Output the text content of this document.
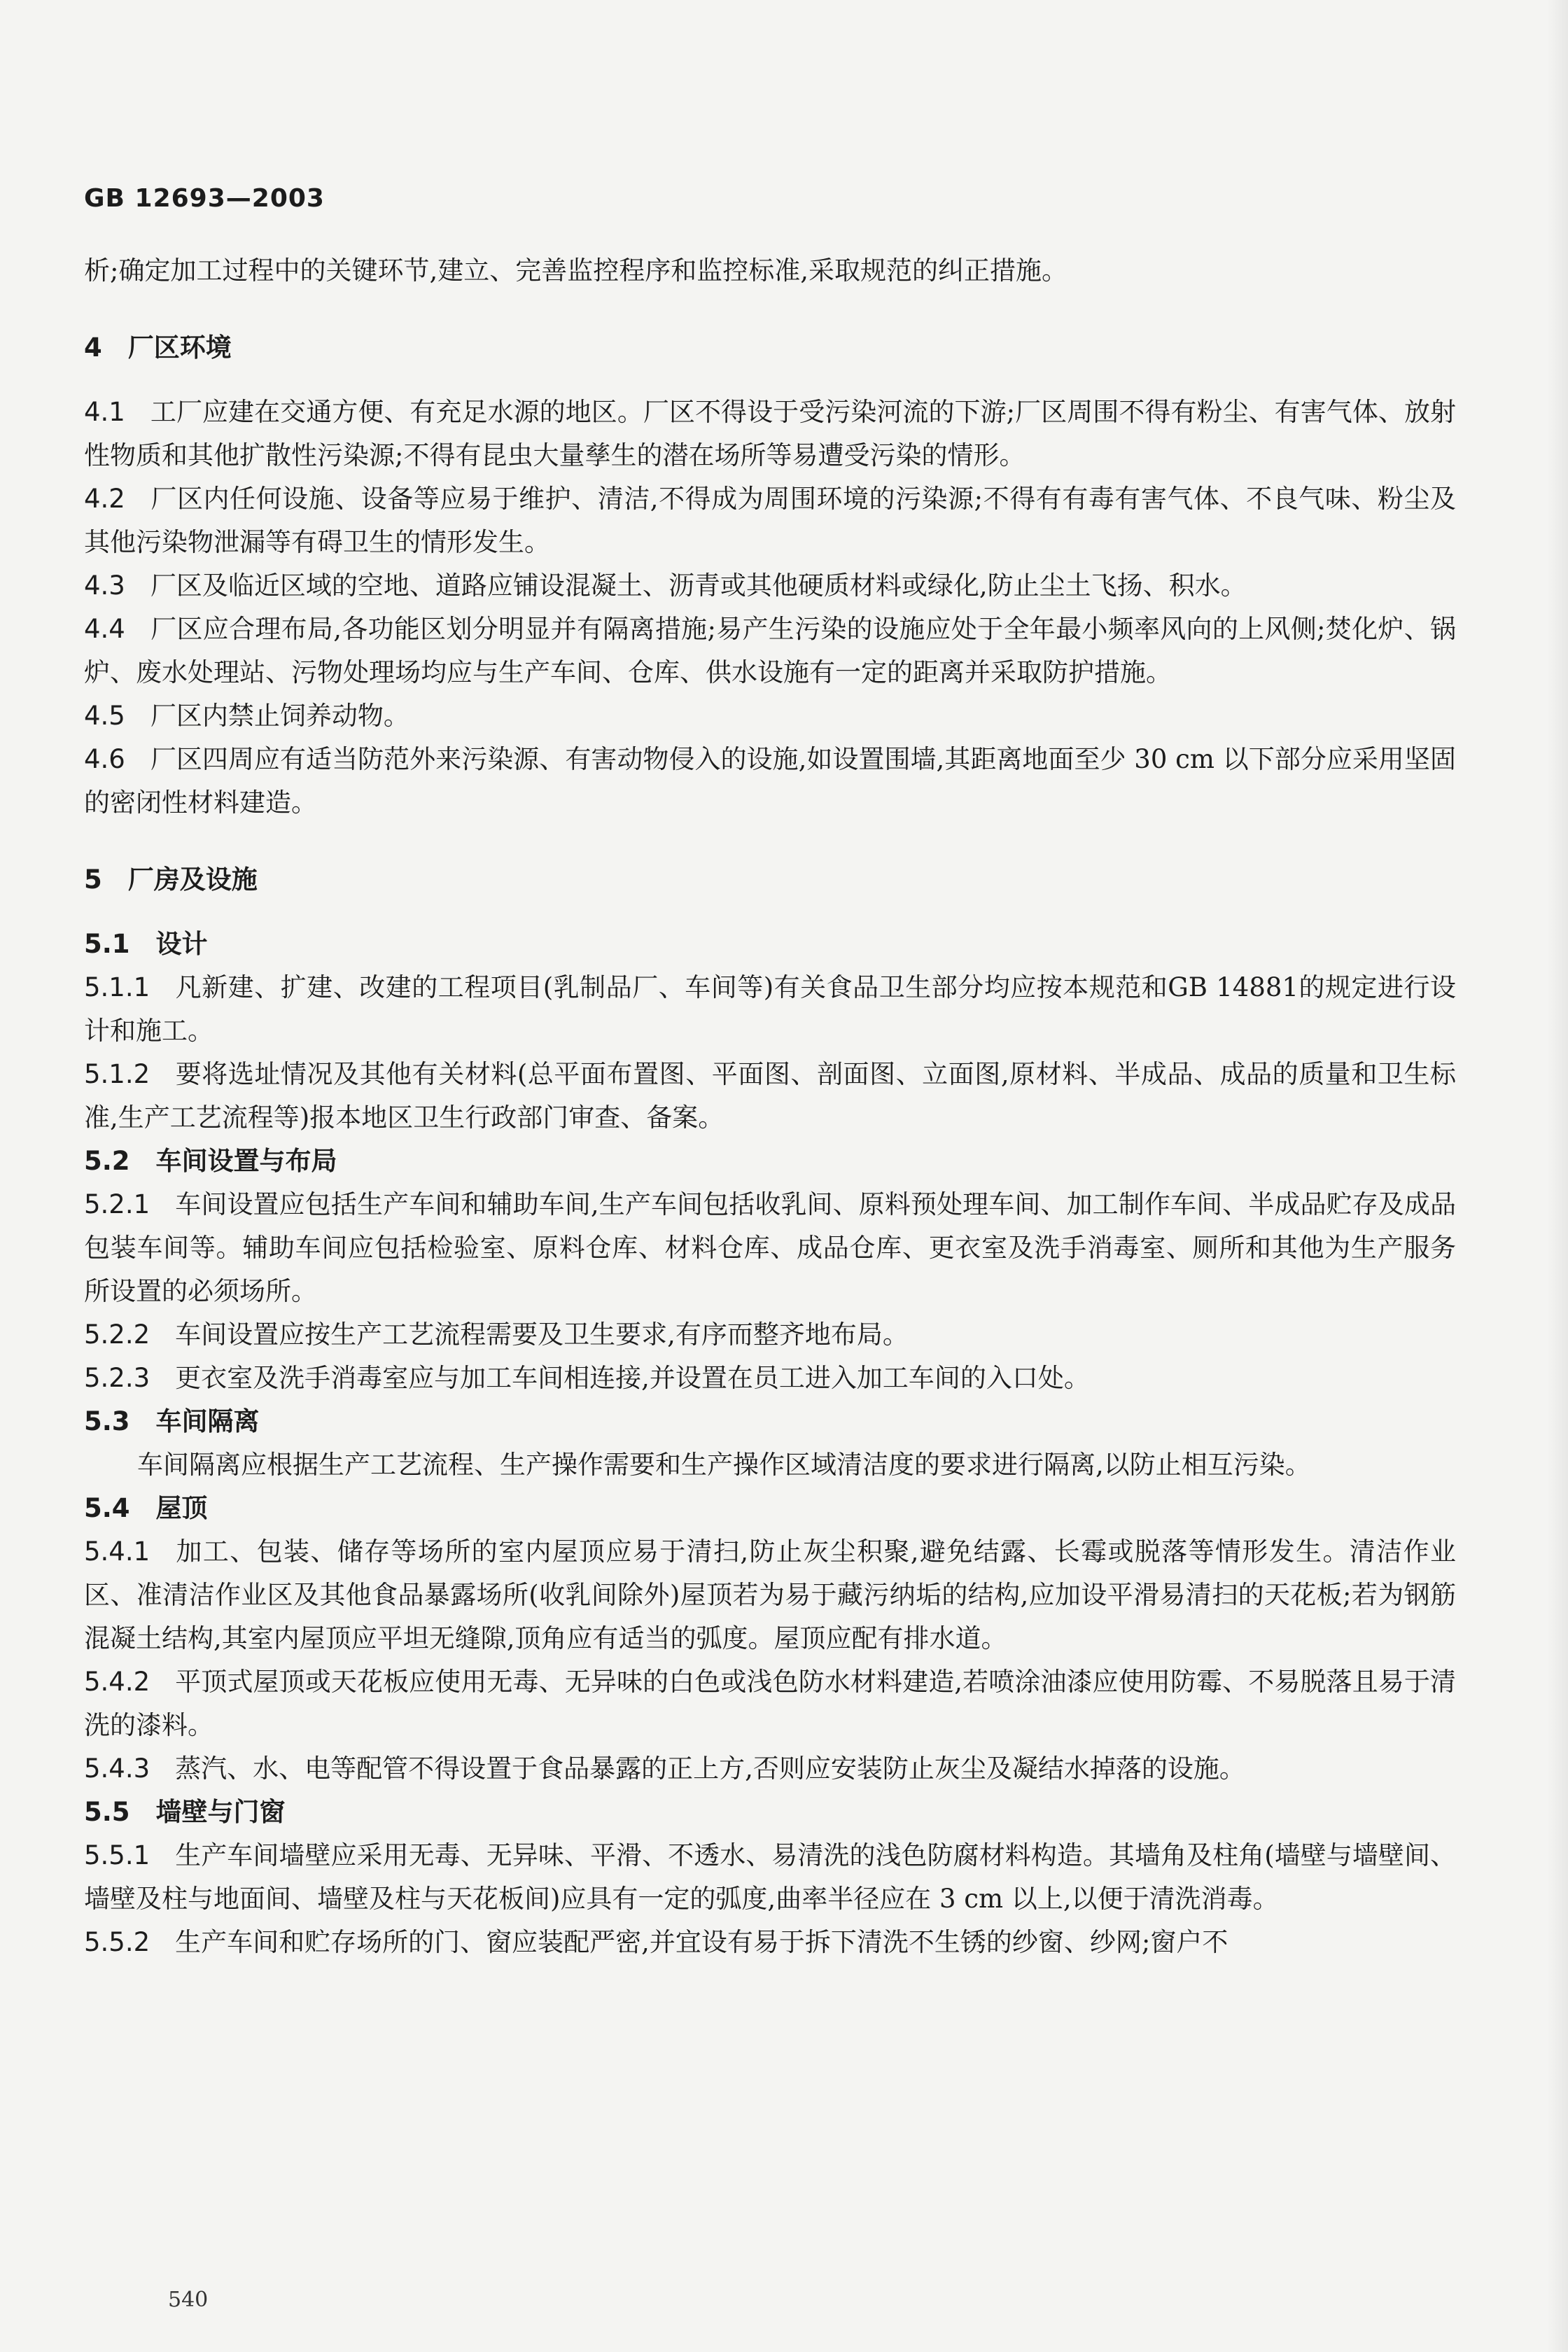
GB 12693—2003

析;确定加工过程中的关键环节,建立、完善监控程序和监控标准,采取规范的纠正措施。

4　厂区环境

4.1 工厂应建在交通方便、有充足水源的地区。厂区不得设于受污染河流的下游;厂区周围不得有粉尘、有害气体、放射性物质和其他扩散性污染源;不得有昆虫大量孳生的潜在场所等易遭受污染的情形。

4.2 厂区内任何设施、设备等应易于维护、清洁,不得成为周围环境的污染源;不得有有毒有害气体、不良气味、粉尘及其他污染物泄漏等有碍卫生的情形发生。

4.3 厂区及临近区域的空地、道路应铺设混凝土、沥青或其他硬质材料或绿化,防止尘土飞扬、积水。

4.4 厂区应合理布局,各功能区划分明显并有隔离措施;易产生污染的设施应处于全年最小频率风向的上风侧;焚化炉、锅炉、废水处理站、污物处理场均应与生产车间、仓库、供水设施有一定的距离并采取防护措施。

4.5 厂区内禁止饲养动物。

4.6 厂区四周应有适当防范外来污染源、有害动物侵入的设施,如设置围墙,其距离地面至少 30 cm 以下部分应采用坚固的密闭性材料建造。

5　厂房及设施
5.1　设计

5.1.1 凡新建、扩建、改建的工程项目(乳制品厂、车间等)有关食品卫生部分均应按本规范和GB 14881的规定进行设计和施工。

5.1.2 要将选址情况及其他有关材料(总平面布置图、平面图、剖面图、立面图,原材料、半成品、成品的质量和卫生标准,生产工艺流程等)报本地区卫生行政部门审查、备案。

5.2　车间设置与布局

5.2.1 车间设置应包括生产车间和辅助车间,生产车间包括收乳间、原料预处理车间、加工制作车间、半成品贮存及成品包装车间等。辅助车间应包括检验室、原料仓库、材料仓库、成品仓库、更衣室及洗手消毒室、厕所和其他为生产服务所设置的必须场所。

5.2.2 车间设置应按生产工艺流程需要及卫生要求,有序而整齐地布局。

5.2.3 更衣室及洗手消毒室应与加工车间相连接,并设置在员工进入加工车间的入口处。

5.3　车间隔离

车间隔离应根据生产工艺流程、生产操作需要和生产操作区域清洁度的要求进行隔离,以防止相互污染。

5.4　屋顶

5.4.1 加工、包装、储存等场所的室内屋顶应易于清扫,防止灰尘积聚,避免结露、长霉或脱落等情形发生。清洁作业区、准清洁作业区及其他食品暴露场所(收乳间除外)屋顶若为易于藏污纳垢的结构,应加设平滑易清扫的天花板;若为钢筋混凝土结构,其室内屋顶应平坦无缝隙,顶角应有适当的弧度。屋顶应配有排水道。

5.4.2 平顶式屋顶或天花板应使用无毒、无异味的白色或浅色防水材料建造,若喷涂油漆应使用防霉、不易脱落且易于清洗的漆料。

5.4.3 蒸汽、水、电等配管不得设置于食品暴露的正上方,否则应安装防止灰尘及凝结水掉落的设施。

5.5　墙壁与门窗

5.5.1 生产车间墙壁应采用无毒、无异味、平滑、不透水、易清洗的浅色防腐材料构造。其墙角及柱角(墙壁与墙壁间、墙壁及柱与地面间、墙壁及柱与天花板间)应具有一定的弧度,曲率半径应在 3 cm 以上,以便于清洗消毒。

5.5.2 生产车间和贮存场所的门、窗应装配严密,并宜设有易于拆下清洗不生锈的纱窗、纱网;窗户不

540
